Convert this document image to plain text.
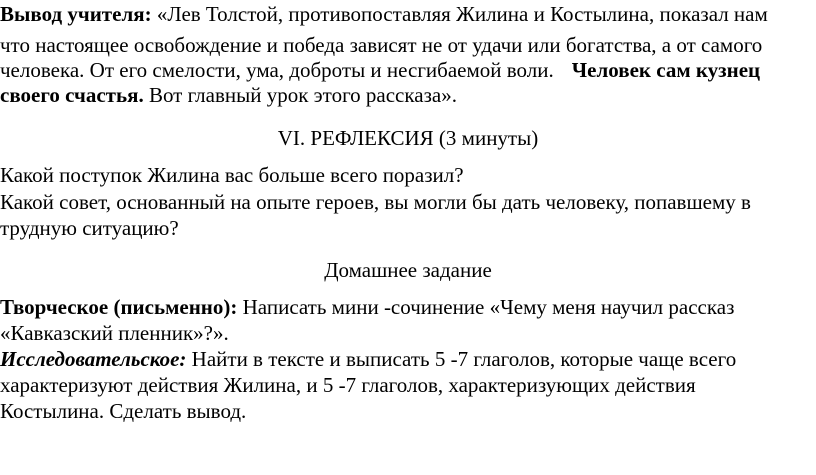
Вывод учителя: «Лев Толстой, противопоставляя Жилина и Костылина, показал нам
что настоящее освобождение и победа зависят не от удачи или богатства, а от самого
человека. От его смелости, ума, доброты и несгибаемой воли. Человек сам кузнец
своего счастья. Вот главный урок этого рассказа».
VI. РЕФЛЕКСИЯ (3 минуты)
Какой поступок Жилина вас больше всего поразил?
Какой совет, основанный на опыте героев, вы могли бы дать человеку, попавшему в
трудную ситуацию?
Домашнее задание
Творческое (письменно): Написать мини -сочинение «Чему меня научил рассказ
«Кавказский пленник»?».
Исследовательское: Найти в тексте и выписать 5 -7 глаголов, которые чаще всего
характеризуют действия Жилина, и 5 -7 глаголов, характеризующих действия
Костылина. Сделать вывод.
